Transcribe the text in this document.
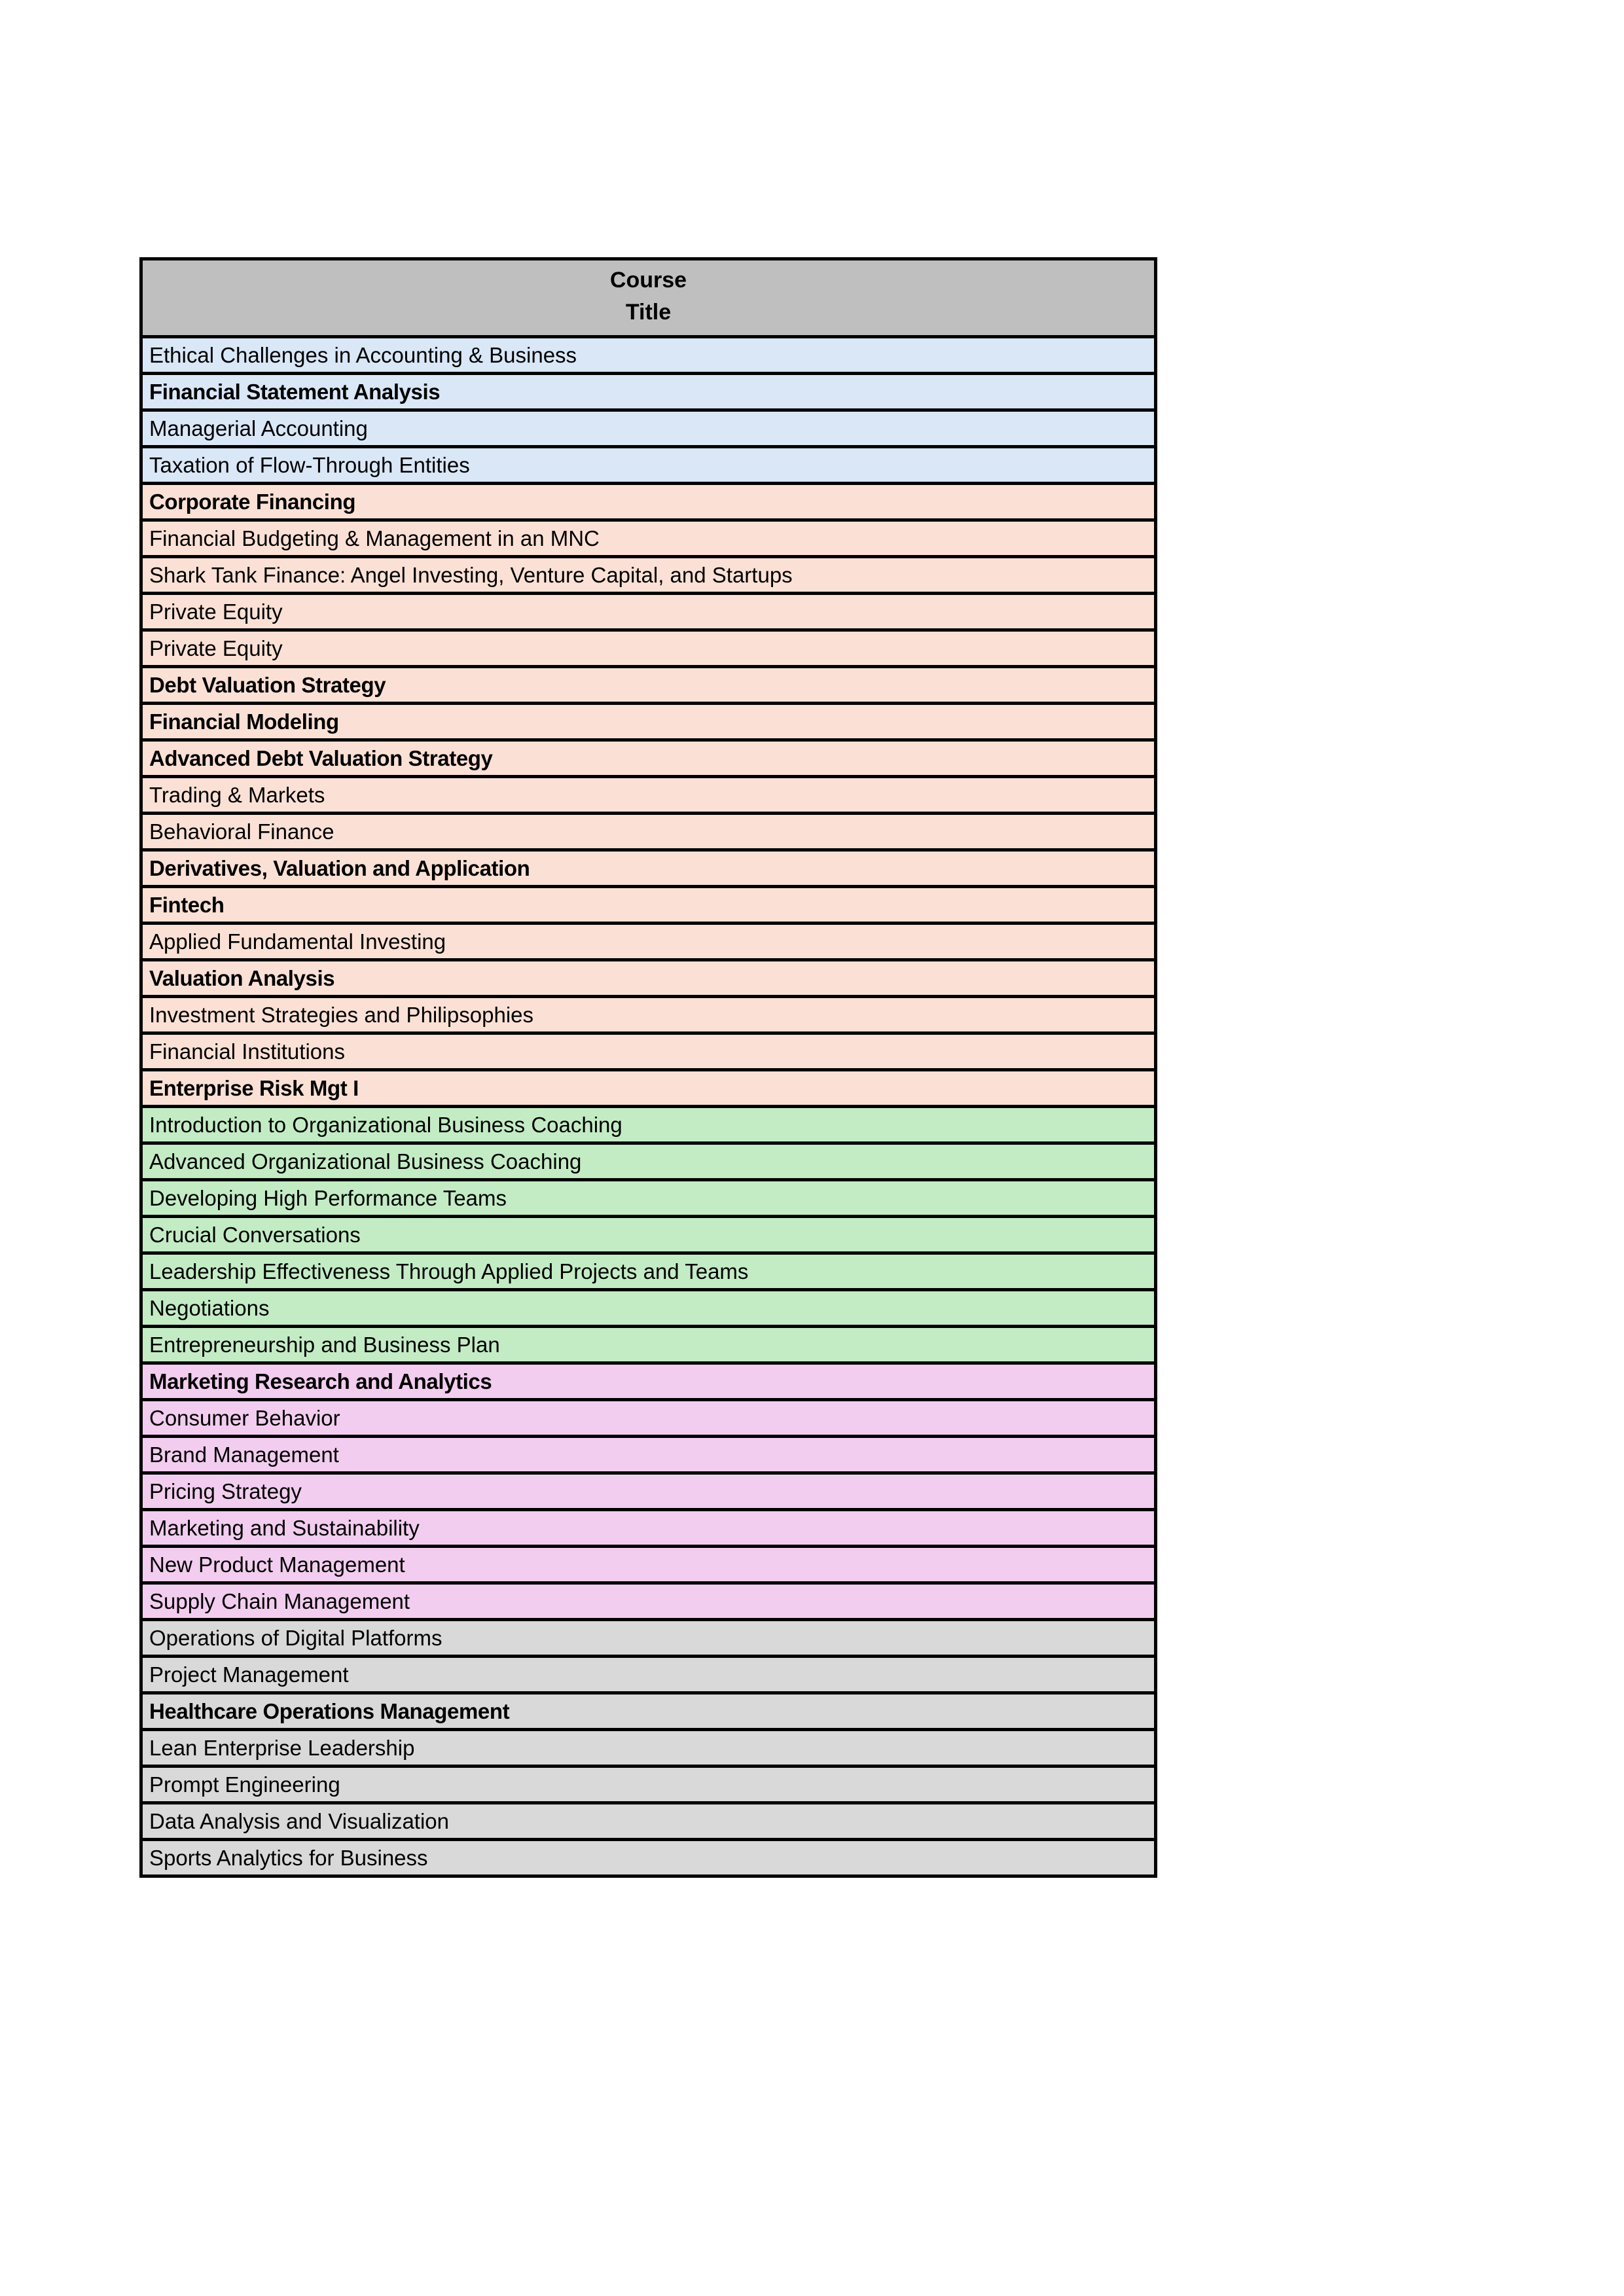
Course
Title

Ethical Challenges in Accounting & Business
Financial Statement Analysis
Managerial Accounting
Taxation of Flow-Through Entities
Corporate Financing
Financial Budgeting & Management in an MNC
Shark Tank Finance: Angel Investing, Venture Capital, and Startups
Private Equity
Private Equity
Debt Valuation Strategy
Financial Modeling
Advanced Debt Valuation Strategy
Trading & Markets
Behavioral Finance
Derivatives, Valuation and Application
Fintech
Applied Fundamental Investing
Valuation Analysis
Investment Strategies and Philipsophies
Financial Institutions
Enterprise Risk Mgt I
Introduction to Organizational Business Coaching
Advanced Organizational Business Coaching
Developing High Performance Teams
Crucial Conversations
Leadership Effectiveness Through Applied Projects and Teams
Negotiations
Entrepreneurship and Business Plan
Marketing Research and Analytics
Consumer Behavior
Brand Management
Pricing Strategy
Marketing and Sustainability
New Product Management
Supply Chain Management
Operations of Digital Platforms
Project Management
Healthcare Operations Management
Lean Enterprise Leadership
Prompt Engineering
Data Analysis and Visualization
Sports Analytics for Business
